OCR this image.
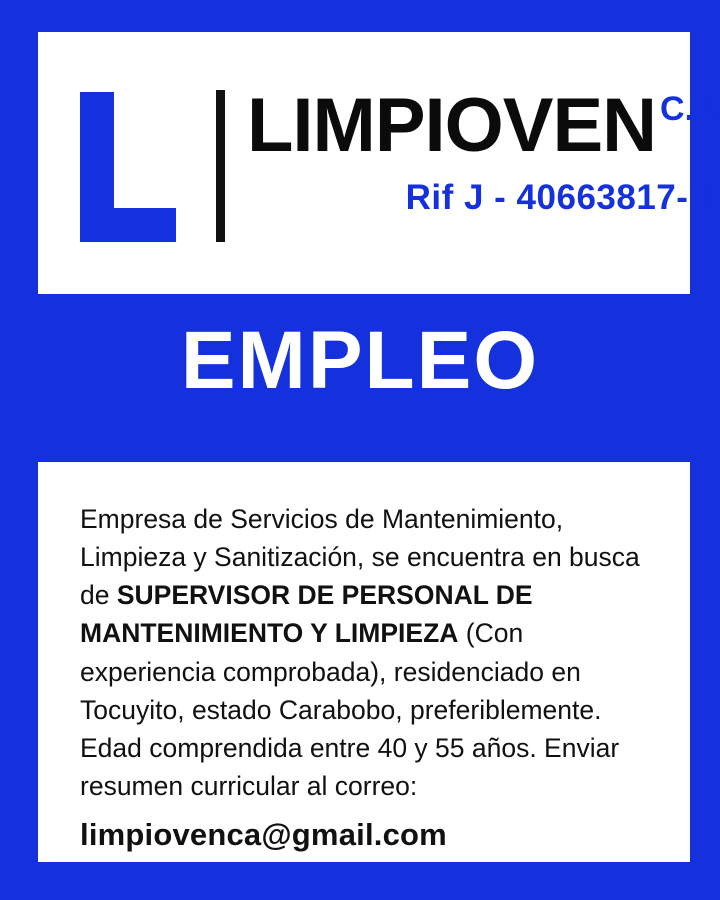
LIMPIOVEN C.A
Rif J - 40663817- 0
EMPLEO
Empresa de Servicios de Mantenimiento, Limpieza y Sanitización, se encuentra en busca de SUPERVISOR DE PERSONAL DE MANTENIMIENTO Y LIMPIEZA (Con experiencia comprobada), residenciado en Tocuyito, estado Carabobo, preferiblemente. Edad comprendida entre 40 y 55 años. Enviar resumen curricular al correo:
limpiovenca@gmail.com
